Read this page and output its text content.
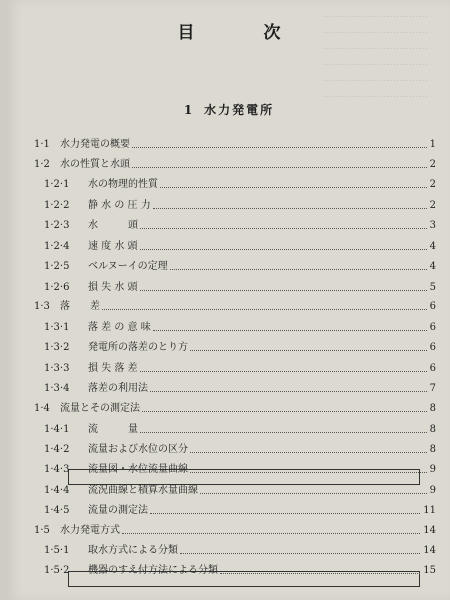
·································
·································
·································
·································
·································
·································
目　次
1 水力発電所
1·1 水力発電の概要	1
1·2 水の性質と水頭	2
1·2·1 水の物理的性質	2
1·2·2 静 水 の 圧 力	2
1·2·3 水　　　頭	3
1·2·4 速 度 水 頭	4
1·2·5 ベルヌーイの定理	4
1·2·6 損 失 水 頭	5
1·3 落　　差	6
1·3·1 落 差 の 意 味	6
1·3·2 発電所の落差のとり方	6
1·3·3 損 失 落 差	6
1·3·4 落差の利用法	7
1·4 流量とその測定法	8
1·4·1 流　　　量	8
1·4·2 流量および水位の区分	8
1·4·3 流量図・水位流量曲線	9
1·4·4 流況曲線と積算水量曲線	9
1·4·5 流量の測定法	11
1·5 水力発電方式	14
1·5·1 取水方式による分類	14
1·5·2 機器のすえ付方法による分類	15
